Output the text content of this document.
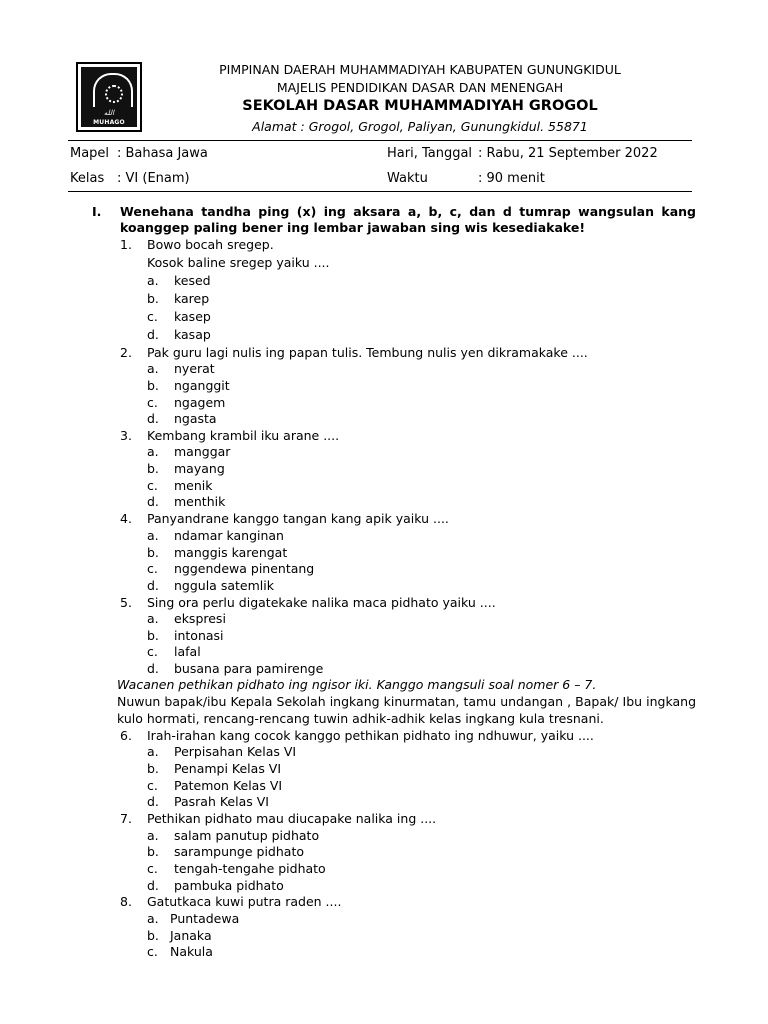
الله
MUHAGO
PIMPINAN DAERAH MUHAMMADIYAH KABUPATEN GUNUNGKIDUL
MAJELIS PENDIDIKAN DASAR DAN MENENGAH
SEKOLAH DASAR MUHAMMADIYAH GROGOL
Alamat : Grogol, Grogol, Paliyan, Gunungkidul. 55871
Mapel : Bahasa Jawa	Hari, Tanggal : Rabu, 21 September 2022
Kelas : VI (Enam)	Waktu	: 90 menit
I. Wenehana tandha ping (x) ing aksara a, b, c, dan d tumrap wangsulan kang
koanggep paling bener ing lembar jawaban sing wis kesediakake!
1. Bowo bocah sregep.
Kosok baline sregep yaiku ....
a. kesed
b. karep
c. kasep
d. kasap
2. Pak guru lagi nulis ing papan tulis. Tembung nulis yen dikramakake ....
a. nyerat
b. nganggit
c. ngagem
d. ngasta
3. Kembang krambil iku arane ....
a. manggar
b. mayang
c. menik
d. menthik
4. Panyandrane kanggo tangan kang apik yaiku ....
a. ndamar kanginan
b. manggis karengat
c. nggendewa pinentang
d. nggula satemlik
5. Sing ora perlu digatekake nalika maca pidhato yaiku ....
a. ekspresi
b. intonasi
c. lafal
d. busana para pamirenge
Wacanen pethikan pidhato ing ngisor iki. Kanggo mangsuli soal nomer 6 – 7.
Nuwun bapak/ibu Kepala Sekolah ingkang kinurmatan, tamu undangan , Bapak/ Ibu ingkang
kulo hormati, rencang-rencang tuwin adhik-adhik kelas ingkang kula tresnani.
6. Irah-irahan kang cocok kanggo pethikan pidhato ing ndhuwur, yaiku ....
a. Perpisahan Kelas VI
b. Penampi Kelas VI
c. Patemon Kelas VI
d. Pasrah Kelas VI
7. Pethikan pidhato mau diucapake nalika ing ....
a. salam panutup pidhato
b. sarampunge pidhato
c. tengah-tengahe pidhato
d. pambuka pidhato
8. Gatutkaca kuwi putra raden ....
a. Puntadewa
b. Janaka
c. Nakula
